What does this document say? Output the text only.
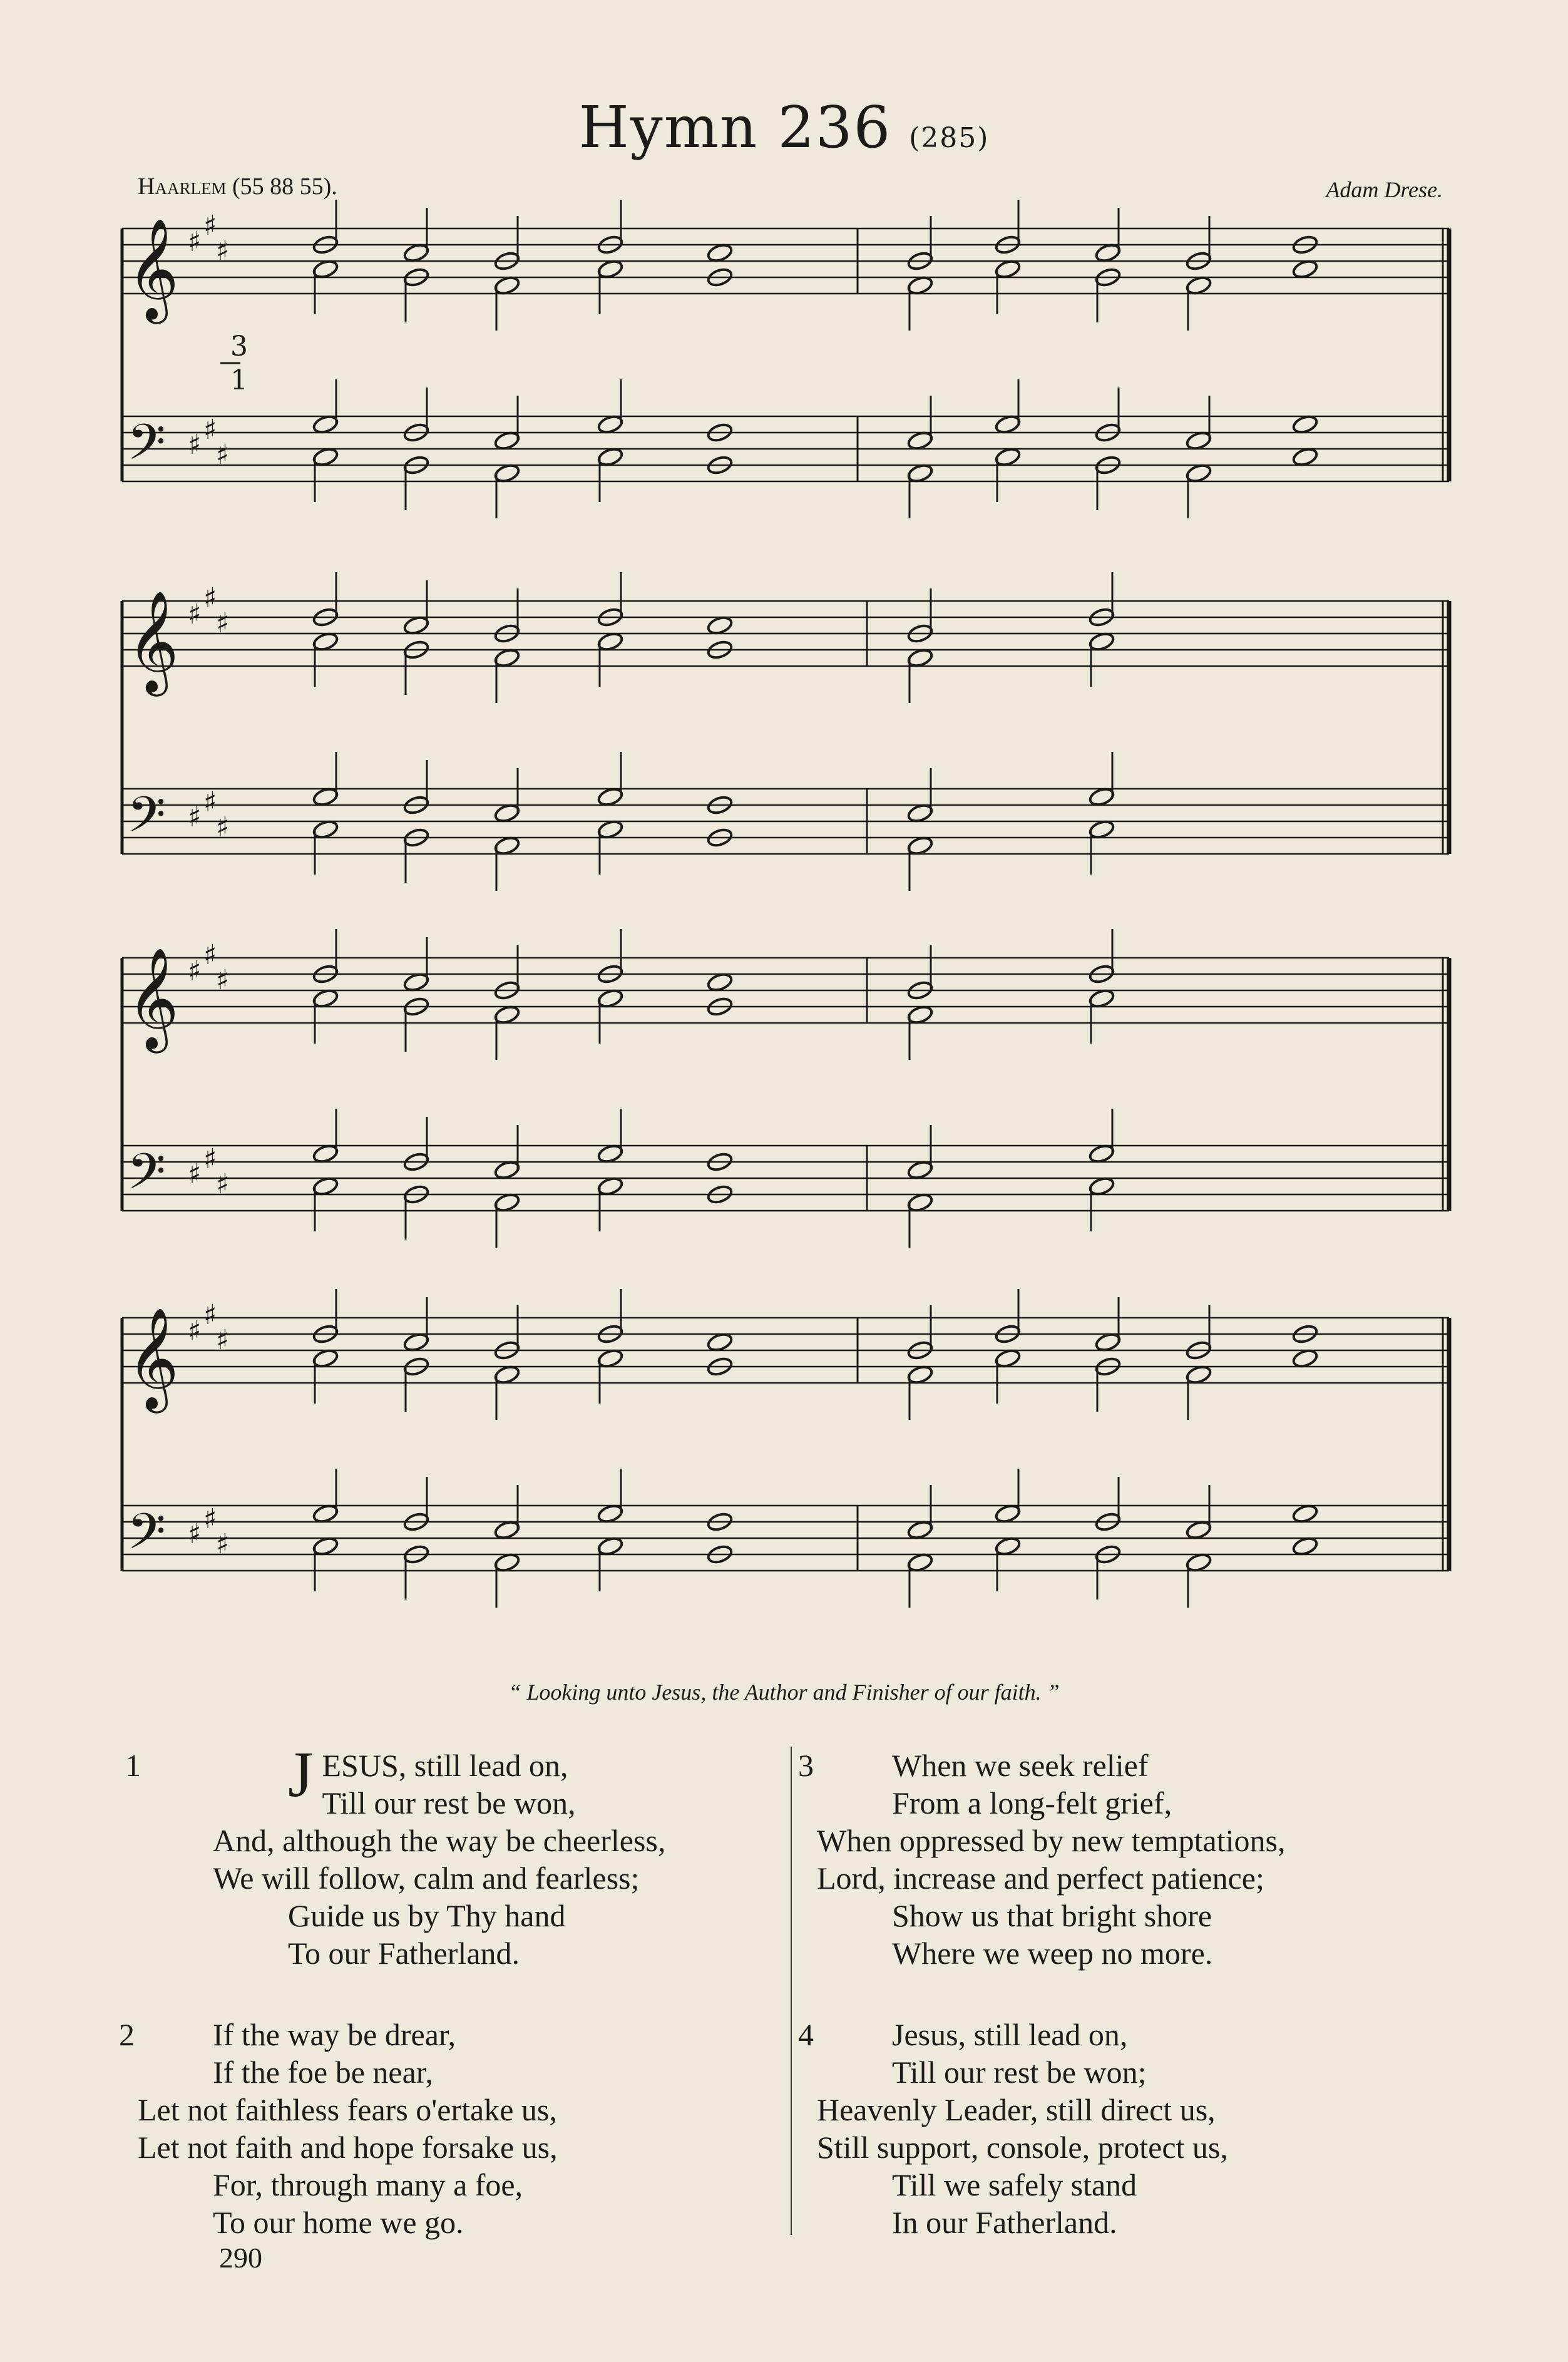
Hymn 236 (285)
Haarlem (55 88 55).	Adam Drese.
𝄞
𝄢
♯
♯
♯
♯ ♯
♯
𝄞
𝄢
♯
♯
♯
♯ ♯
♯
𝄞
𝄢
♯
♯
♯
♯ ♯
♯
𝄞
𝄢
♯
♯
♯
♯ ♯
♯
3
1
“ Looking unto Jesus, the Author and Finisher of our faith. ”
1 JESUS, still lead on,
Till our rest be won,
And, although the way be cheerless,
We will follow, calm and fearless;
Guide us by Thy hand
To our Fatherland.
2	If the way be drear,
If the foe be near,
Let not faithless fears o'ertake us,
Let not faith and hope forsake us,
For, through many a foe,
To our home we go.
3	When we seek relief
From a long-felt grief,
When oppressed by new temptations,
Lord, increase and perfect patience;
Show us that bright shore
Where we weep no more.
4	Jesus, still lead on,
Till our rest be won;
Heavenly Leader, still direct us,
Still support, console, protect us,
Till we safely stand
In our Fatherland.
290
